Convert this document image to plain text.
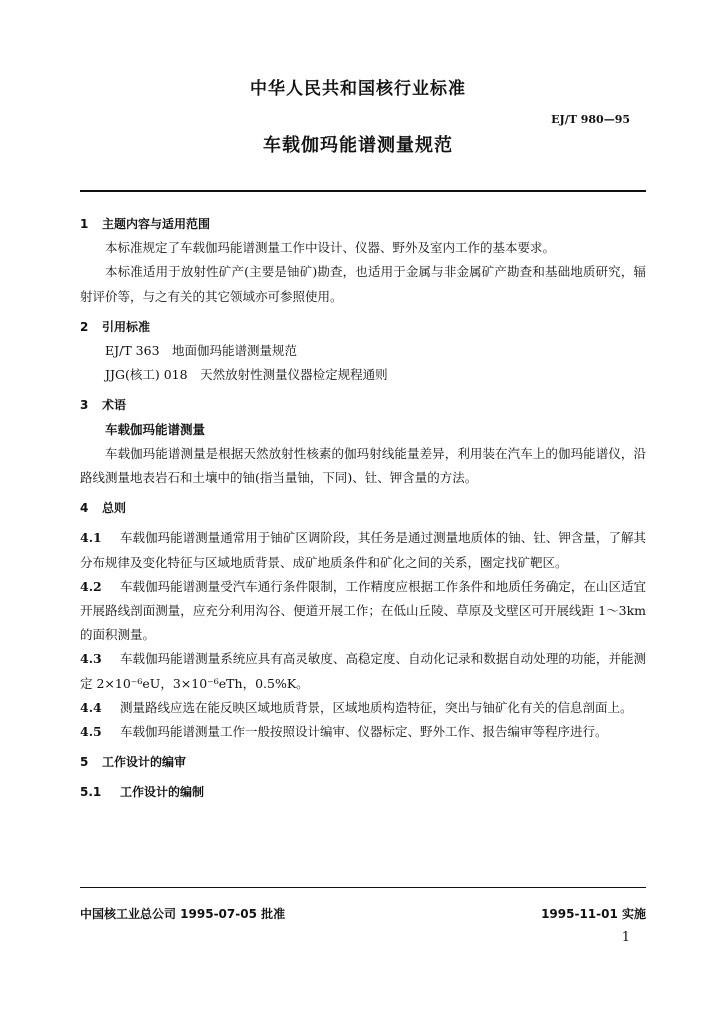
中华人民共和国核行业标准
EJ/T 980—95
车载伽玛能谱测量规范

1 主题内容与适用范围

本标准规定了车载伽玛能谱测量工作中设计、仪器、野外及室内工作的基本要求。

本标准适用于放射性矿产(主要是铀矿)勘查，也适用于金属与非金属矿产勘查和基础地质研究，辐射评价等，与之有关的其它领域亦可参照使用。

2 引用标准

EJ/T 363　地面伽玛能谱测量规范

JJG(核工) 018　天然放射性测量仪器检定规程通则

3 术语

车载伽玛能谱测量

车载伽玛能谱测量是根据天然放射性核素的伽玛射线能量差异，利用装在汽车上的伽玛能谱仪，沿路线测量地表岩石和土壤中的铀(指当量铀，下同)、钍、钾含量的方法。

4 总则

4.1 车载伽玛能谱测量通常用于铀矿区调阶段，其任务是通过测量地质体的铀、钍、钾含量，了解其分布规律及变化特征与区域地质背景、成矿地质条件和矿化之间的关系，圈定找矿靶区。

4.2 车载伽玛能谱测量受汽车通行条件限制，工作精度应根据工作条件和地质任务确定，在山区适宜开展路线剖面测量，应充分利用沟谷、便道开展工作；在低山丘陵、草原及戈壁区可开展线距 1～3km 的面积测量。

4.3 车载伽玛能谱测量系统应具有高灵敏度、高稳定度、自动化记录和数据自动处理的功能，并能测定 2×10⁻⁶eU，3×10⁻⁶eTh，0.5%K。

4.4 测量路线应选在能反映区域地质背景，区域地质构造特征，突出与铀矿化有关的信息剖面上。

4.5 车载伽玛能谱测量工作一般按照设计编审、仪器标定、野外工作、报告编审等程序进行。

5 工作设计的编审

5.1 工作设计的编制

中国核工业总公司 1995-07-05 批准	1995-11-01 实施
1
